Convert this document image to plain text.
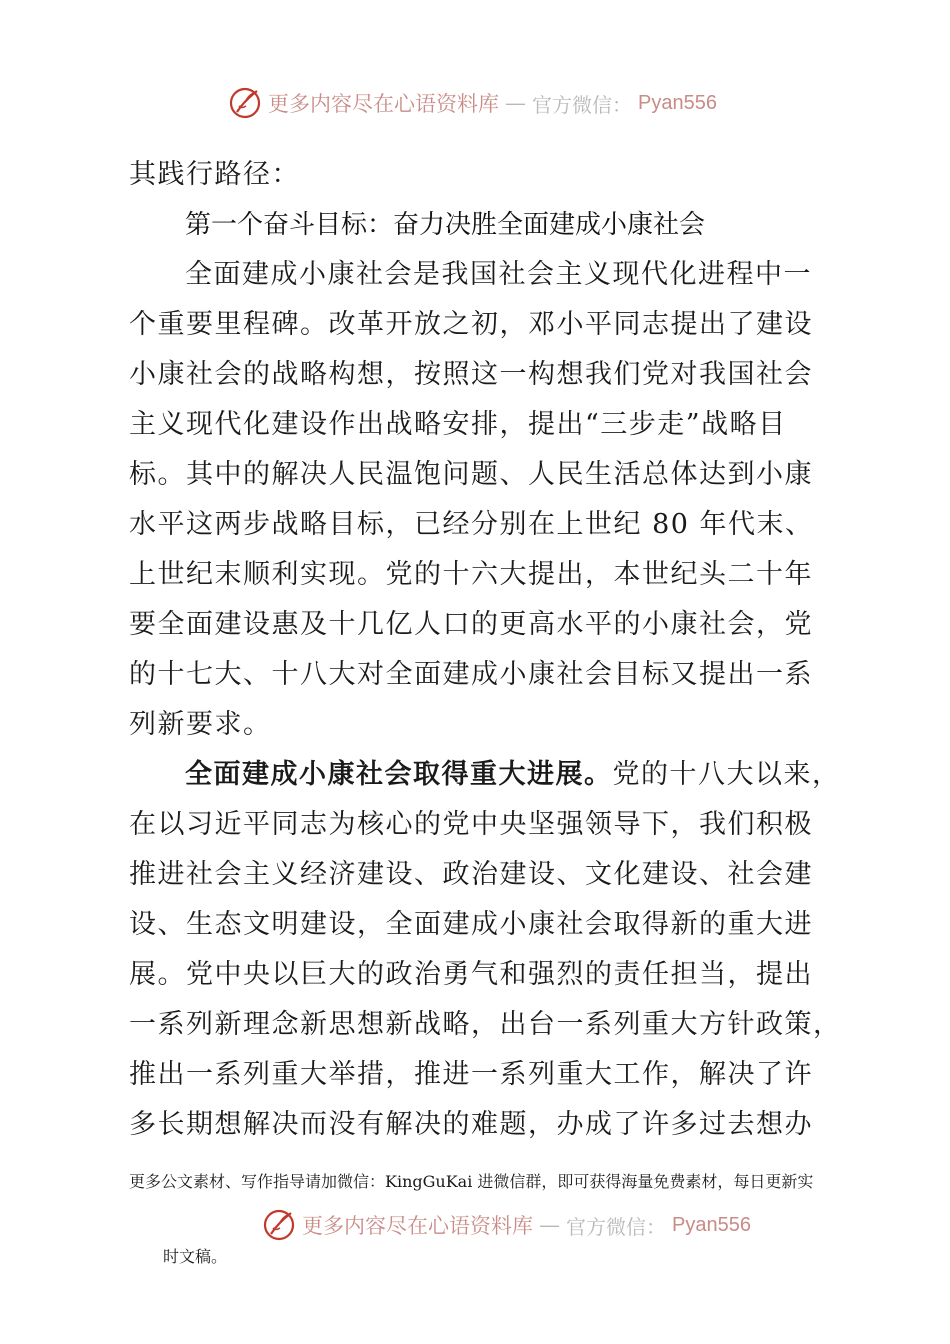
更多内容尽在心语资料库 — 官方微信： Pyan556
其践行路径：
第一个奋斗目标：奋力决胜全面建成小康社会
全面建成小康社会是我国社会主义现代化进程中一
个重要里程碑。改革开放之初，邓小平同志提出了建设
小康社会的战略构想，按照这一构想我们党对我国社会
主义现代化建设作出战略安排，提出“三步走”战略目
标。其中的解决人民温饱问题、人民生活总体达到小康
水平这两步战略目标，已经分别在上世纪 80 年代末、
上世纪末顺利实现。党的十六大提出，本世纪头二十年
要全面建设惠及十几亿人口的更高水平的小康社会，党
的十七大、十八大对全面建成小康社会目标又提出一系
列新要求。
全面建成小康社会取得重大进展。党的十八大以来，
在以习近平同志为核心的党中央坚强领导下，我们积极
推进社会主义经济建设、政治建设、文化建设、社会建
设、生态文明建设，全面建成小康社会取得新的重大进
展。党中央以巨大的政治勇气和强烈的责任担当，提出
一系列新理念新思想新战略，出台一系列重大方针政策，
推出一系列重大举措，推进一系列重大工作，解决了许
多长期想解决而没有解决的难题，办成了许多过去想办
更多公文素材、写作指导请加微信：KingGuKai 进微信群，即可获得海量免费素材，每日更新实
更多内容尽在心语资料库 — 官方微信： Pyan556
时文稿。
